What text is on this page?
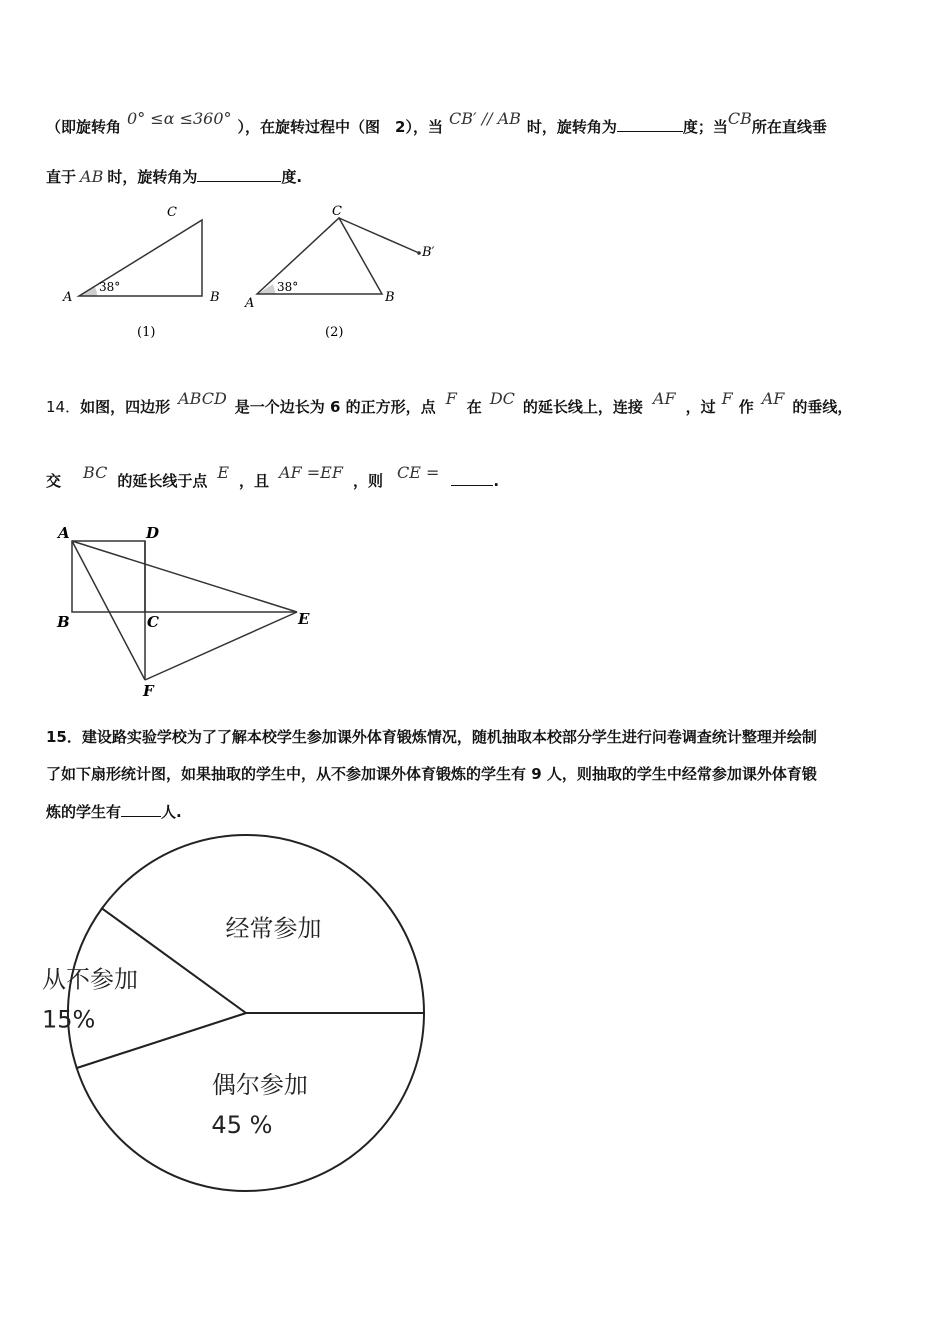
（即旋转角 0° ≤α ≤360° ），在旋转过程中（图　2），当 CB′ // AB 时，旋转角为	度；当CB所在直线垂
直于 AB 时，旋转角为	度.
A	B
C
38°
(1)
A	B
C
B′
38°
(2)
14．如图，四边形 ABCD 是一个边长为 6 的正方形，点 F 在 DC 的延长线上，连接 AF ，过 F 作 AF 的垂线，
交 BC 的延长线于点 E ，且 AF =EF ，则 CE =	.
A	D
B	C	E
F
15．建设路实验学校为了了解本校学生参加课外体育锻炼情况，随机抽取本校部分学生进行问卷调查统计整理并绘制
了如下扇形统计图，如果抽取的学生中，从不参加课外体育锻炼的学生有 9 人，则抽取的学生中经常参加课外体育锻
炼的学生有	人.
偶尔参加
45 %
从不参加
15%
经常参加
